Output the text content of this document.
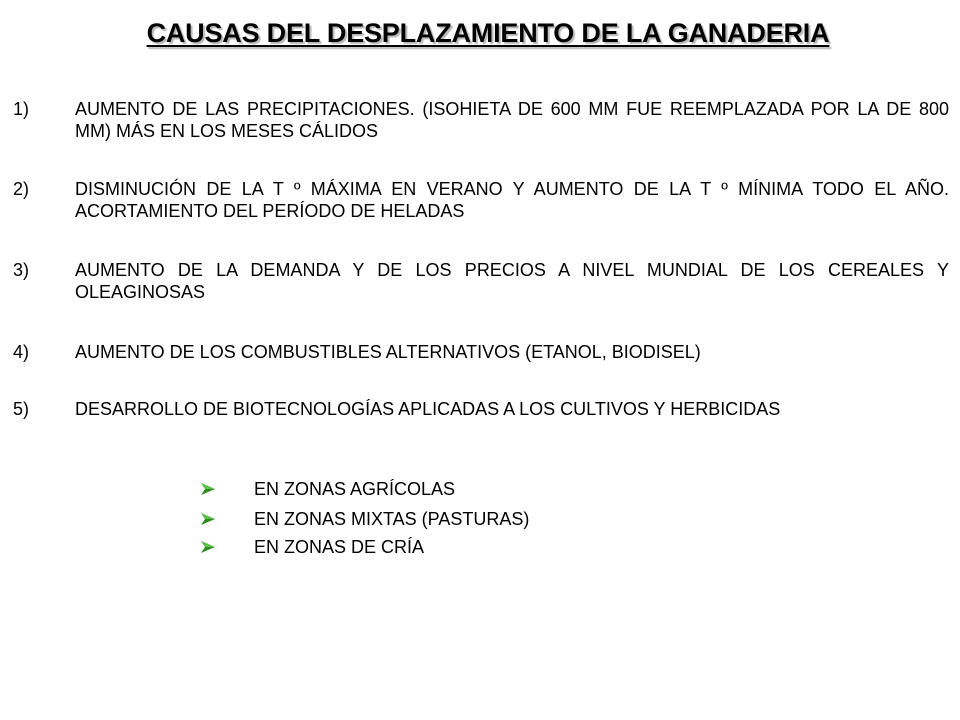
CAUSAS DEL DESPLAZAMIENTO DE LA GANADERIA
1)	AUMENTO DE LAS PRECIPITACIONES. (ISOHIETA DE 600 MM FUE REEMPLAZADA POR LA DE 800 MM) MÁS EN LOS MESES CÁLIDOS
2)	DISMINUCIÓN DE LA T º MÁXIMA EN VERANO Y AUMENTO DE LA T º MÍNIMA TODO EL AÑO. ACORTAMIENTO DEL PERÍODO DE HELADAS
3)	AUMENTO DE LA DEMANDA Y DE LOS PRECIOS A NIVEL MUNDIAL DE LOS CEREALES Y OLEAGINOSAS
4)	AUMENTO DE LOS COMBUSTIBLES ALTERNATIVOS (ETANOL, BIODISEL)
5)	DESARROLLO DE BIOTECNOLOGÍAS APLICADAS A LOS CULTIVOS Y HERBICIDAS
EN ZONAS AGRÍCOLAS
EN ZONAS MIXTAS (PASTURAS)
EN ZONAS DE CRÍA
